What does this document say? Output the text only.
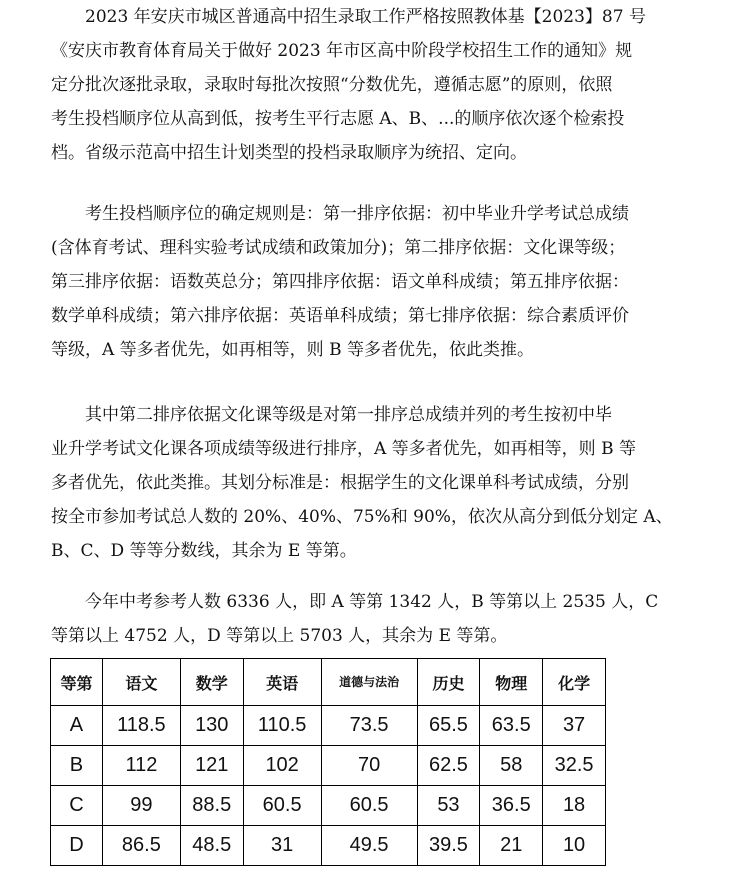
　　2023 年安庆市城区普通高中招生录取工作严格按照教体基【2023】87 号
《安庆市教育体育局关于做好 2023 年市区高中阶段学校招生工作的通知》规
定分批次逐批录取，录取时每批次按照“分数优先，遵循志愿”的原则，依照
考生投档顺序位从高到低，按考生平行志愿 A、B、...的顺序依次逐个检索投
档。省级示范高中招生计划类型的投档录取顺序为统招、定向。
　　考生投档顺序位的确定规则是：第一排序依据：初中毕业升学考试总成绩
(含体育考试、理科实验考试成绩和政策加分)；第二排序依据：文化课等级；
第三排序依据：语数英总分；第四排序依据：语文单科成绩；第五排序依据：
数学单科成绩；第六排序依据：英语单科成绩；第七排序依据：综合素质评价
等级，A 等多者优先，如再相等，则 B 等多者优先，依此类推。
　　其中第二排序依据文化课等级是对第一排序总成绩并列的考生按初中毕
业升学考试文化课各项成绩等级进行排序，A 等多者优先，如再相等，则 B 等
多者优先，依此类推。其划分标准是：根据学生的文化课单科考试成绩，分别
按全市参加考试总人数的 20%、40%、75%和 90%，依次从高分到低分划定 A、
B、C、D 等等分数线，其余为 E 等第。
　　今年中考参考人数 6336 人，即 A 等第 1342 人，B 等第以上 2535 人，C
等第以上 4752 人，D 等第以上 5703 人，其余为 E 等第。
等第	语文	数学	英语	道德与法治	历史	物理	化学
A	118.5	130	110.5	73.5	65.5	63.5	37
B	112	121	102	70	62.5	58	32.5
C	99	88.5	60.5	60.5	53	36.5	18
D	86.5	48.5	31	49.5	39.5	21	10
